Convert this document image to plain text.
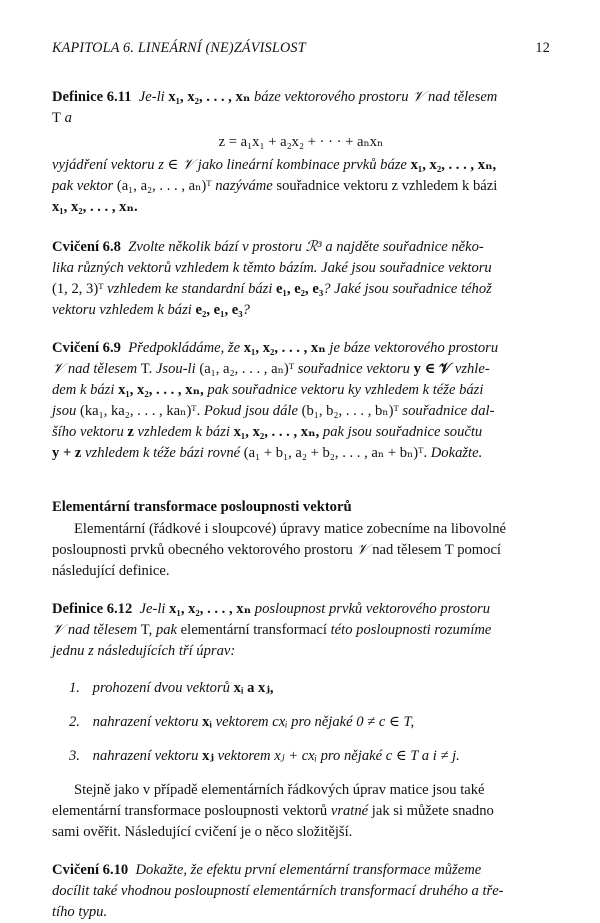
KAPITOLA 6. LINEÁRNÍ (NE)ZÁVISLOST	12
Definice 6.11 Je-li x₁, x₂, . . . , xₙ báze vektorového prostoru 𝒱 nad tělesem
T a
z = a₁x₁ + a₂x₂ + · · · + aₙxₙ
vyjádření vektoru z ∈ 𝒱 jako lineární kombinace prvků báze x₁, x₂, . . . , xₙ,
pak vektor (a₁, a₂, . . . , aₙ)ᵀ nazýváme souřadnice vektoru z vzhledem k bázi
x₁, x₂, . . . , xₙ.
Cvičení 6.8 Zvolte několik bází v prostoru ℛ³ a najděte souřadnice něko-
lika různých vektorů vzhledem k těmto bázím. Jaké jsou souřadnice vektoru
(1, 2, 3)ᵀ vzhledem ke standardní bázi e₁, e₂, e₃? Jaké jsou souřadnice téhož
vektoru vzhledem k bázi e₂, e₁, e₃?
Cvičení 6.9 Předpokládáme, že x₁, x₂, . . . , xₙ je báze vektorového prostoru
𝒱 nad tělesem T. Jsou-li (a₁, a₂, . . . , aₙ)ᵀ souřadnice vektoru y ∈ 𝒱 vzhle-
dem k bázi x₁, x₂, . . . , xₙ, pak souřadnice vektoru ky vzhledem k téže bázi
jsou (ka₁, ka₂, . . . , kaₙ)ᵀ. Pokud jsou dále (b₁, b₂, . . . , bₙ)ᵀ souřadnice dal-
šího vektoru z vzhledem k bázi x₁, x₂, . . . , xₙ, pak jsou souřadnice součtu
y + z vzhledem k téže bázi rovné (a₁ + b₁, a₂ + b₂, . . . , aₙ + bₙ)ᵀ. Dokažte.
Elementární transformace posloupnosti vektorů
Elementární (řádkové i sloupcové) úpravy matice zobecníme na libovolné
posloupnosti prvků obecného vektorového prostoru 𝒱 nad tělesem T pomocí
následující definice.
Definice 6.12 Je-li x₁, x₂, . . . , xₙ posloupnost prvků vektorového prostoru
𝒱 nad tělesem T, pak elementární transformací této posloupnosti rozumíme
jednu z následujících tří úprav:
1. prohození dvou vektorů xᵢ a xⱼ,
2. nahrazení vektoru xᵢ vektorem cxᵢ pro nějaké 0 ≠ c ∈ T,
3. nahrazení vektoru xⱼ vektorem xⱼ + cxᵢ pro nějaké c ∈ T a i ≠ j.
Stejně jako v případě elementárních řádkových úprav matice jsou také
elementární transformace posloupnosti vektorů vratné jak si můžete snadno
sami ověřit. Následující cvičení je o něco složitější.
Cvičení 6.10 Dokažte, že efektu první elementární transformace můžeme
docílit také vhodnou posloupností elementárních transformací druhého a tře-
tího typu.
